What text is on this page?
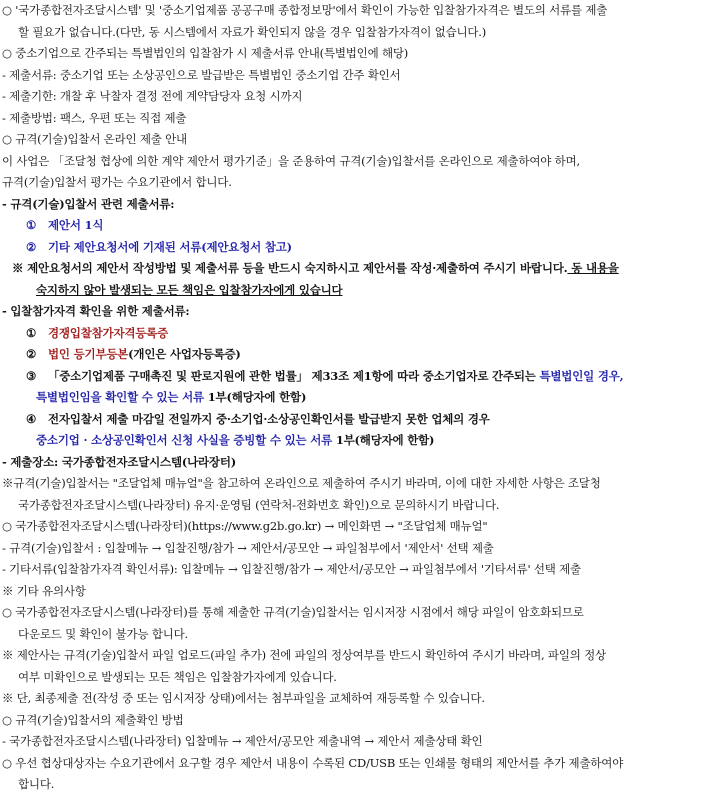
○ '국가종합전자조달시스템' 및 '중소기업제품 공공구매 종합정보망'에서 확인이 가능한 입찰참가자격은 별도의 서류를 제출
할 필요가 없습니다.(다만, 동 시스템에서 자료가 확인되지 않을 경우 입찰참가자격이 없습니다.)
○ 중소기업으로 간주되는 특별법인의 입찰참가 시 제출서류 안내(특별법인에 해당)
- 제출서류: 중소기업 또는 소상공인으로 발급받은 특별법인 중소기업 간주 확인서
- 제출기한: 개찰 후 낙찰자 결정 전에 계약담당자 요청 시까지
- 제출방법: 팩스, 우편 또는 직접 제출
○ 규격(기술)입찰서 온라인 제출 안내
이 사업은 「조달청 협상에 의한 계약 제안서 평가기준」을 준용하여 규격(기술)입찰서를 온라인으로 제출하여야 하며,
규격(기술)입찰서 평가는 수요기관에서 합니다.
- 규격(기술)입찰서 관련 제출서류:
① 제안서 1식
② 기타 제안요청서에 기재된 서류(제안요청서 참고)
※ 제안요청서의 제안서 작성방법 및 제출서류 등을 반드시 숙지하시고 제안서를 작성·제출하여 주시기 바랍니다. 동 내용을
숙지하지 않아 발생되는 모든 책임은 입찰참가자에게 있습니다
- 입찰참가자격 확인을 위한 제출서류:
① 경쟁입찰참가자격등록증
② 법인 등기부등본(개인은 사업자등록증)
③ 「중소기업제품 구매촉진 및 판로지원에 관한 법률」 제33조 제1항에 따라 중소기업자로 간주되는 특별법인일 경우,
특별법인임을 확인할 수 있는 서류 1부(해당자에 한함)
④ 전자입찰서 제출 마감일 전일까지 중·소기업·소상공인확인서를 발급받지 못한 업체의 경우
중소기업 · 소상공인확인서 신청 사실을 증빙할 수 있는 서류 1부(해당자에 한함)
- 제출장소: 국가종합전자조달시스템(나라장터)
※규격(기술)입찰서는 "조달업체 매뉴얼"을 참고하여 온라인으로 제출하여 주시기 바라며, 이에 대한 자세한 사항은 조달청
국가종합전자조달시스템(나라장터) 유지·운영팀 (연락처-전화번호 확인)으로 문의하시기 바랍니다.
○ 국가종합전자조달시스템(나라장터)(https://www.g2b.go.kr) → 메인화면 → "조달업체 매뉴얼"
- 규격(기술)입찰서 : 입찰메뉴 → 입찰진행/참가 → 제안서/공모안 → 파일첨부에서 '제안서' 선택 제출
- 기타서류(입찰참가자격 확인서류): 입찰메뉴 → 입찰진행/참가 → 제안서/공모안 → 파일첨부에서 '기타서류' 선택 제출
※ 기타 유의사항
○ 국가종합전자조달시스템(나라장터)를 통해 제출한 규격(기술)입찰서는 임시저장 시점에서 해당 파일이 암호화되므로
다운로드 및 확인이 불가능 합니다.
※ 제안사는 규격(기술)입찰서 파일 업로드(파일 추가) 전에 파일의 정상여부를 반드시 확인하여 주시기 바라며, 파일의 정상
여부 미확인으로 발생되는 모든 책임은 입찰참가자에게 있습니다.
※ 단, 최종제출 전(작성 중 또는 임시저장 상태)에서는 첨부파일을 교체하여 재등록할 수 있습니다.
○ 규격(기술)입찰서의 제출확인 방법
- 국가종합전자조달시스템(나라장터) 입찰메뉴 → 제안서/공모안 제출내역 → 제안서 제출상태 확인
○ 우선 협상대상자는 수요기관에서 요구할 경우 제안서 내용이 수록된 CD/USB 또는 인쇄물 형태의 제안서를 추가 제출하여야
합니다.
